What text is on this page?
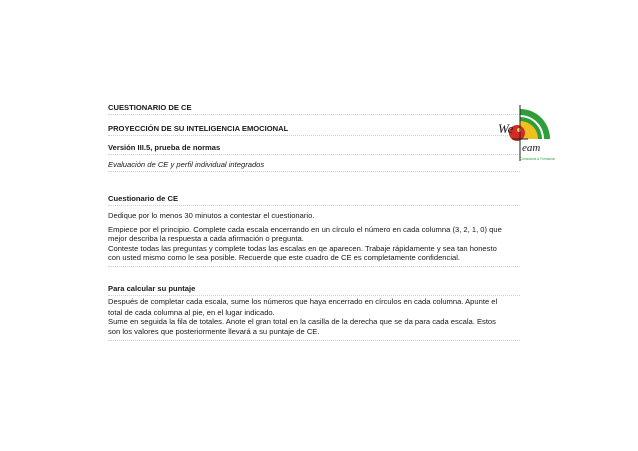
CUESTIONARIO DE CE
PROYECCIÓN DE SU INTELIGENCIA EMOCIONAL
Versión III.5, prueba de normas
Evaluación de CE y perfil individual integrados
We
eam
Consultoría & Formación
Cuestionario de CE
Dedique por lo menos 30 minutos a contestar el cuestionario.
Empiece por el principio. Complete cada escala encerrando en un círculo el número en cada columna (3, 2, 1, 0) que
mejor describa la respuesta a cada afirmación o pregunta.
Conteste todas las preguntas y complete todas las escalas en qe aparecen. Trabaje rápidamente y sea tan honesto
con usted mismo como le sea posible. Recuerde que este cuadro de CE es completamente confidencial.
Para calcular su puntaje
Después de completar cada escala, sume los números que haya encerrado en círculos en cada columna. Apunte el
total de cada columna al pie, en el lugar indicado.
Sume en seguida la fila de totales. Anote el gran total en la casilla de la derecha que se da para cada escala. Estos
son los valores que posteriormente llevará a su puntaje de CE.
